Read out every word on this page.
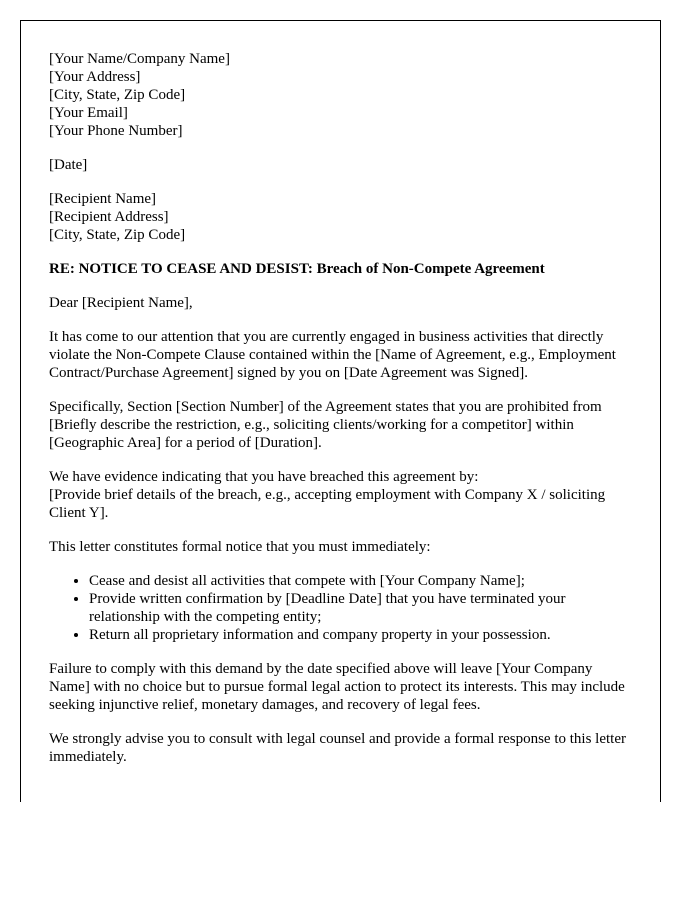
[Your Name/Company Name]
[Your Address]
[City, State, Zip Code]
[Your Email]
[Your Phone Number]
[Date]
[Recipient Name]
[Recipient Address]
[City, State, Zip Code]
RE: NOTICE TO CEASE AND DESIST: Breach of Non-Compete Agreement

Dear [Recipient Name],

It has come to our attention that you are currently engaged in business activities that directly violate the Non-Compete Clause contained within the [Name of Agreement, e.g., Employment Contract/Purchase Agreement] signed by you on [Date Agreement was Signed].

Specifically, Section [Section Number] of the Agreement states that you are prohibited from [Briefly describe the restriction, e.g., soliciting clients/working for a competitor] within [Geographic Area] for a period of [Duration].

We have evidence indicating that you have breached this agreement by:
[Provide brief details of the breach, e.g., accepting employment with Company X / soliciting Client Y].

This letter constitutes formal notice that you must immediately:

• Cease and desist all activities that compete with [Your Company Name];
• Provide written confirmation by [Deadline Date] that you have terminated your relationship with the competing entity;
• Return all proprietary information and company property in your possession.

Failure to comply with this demand by the date specified above will leave [Your Company Name] with no choice but to pursue formal legal action to protect its interests. This may include seeking injunctive relief, monetary damages, and recovery of legal fees.

We strongly advise you to consult with legal counsel and provide a formal response to this letter immediately.
